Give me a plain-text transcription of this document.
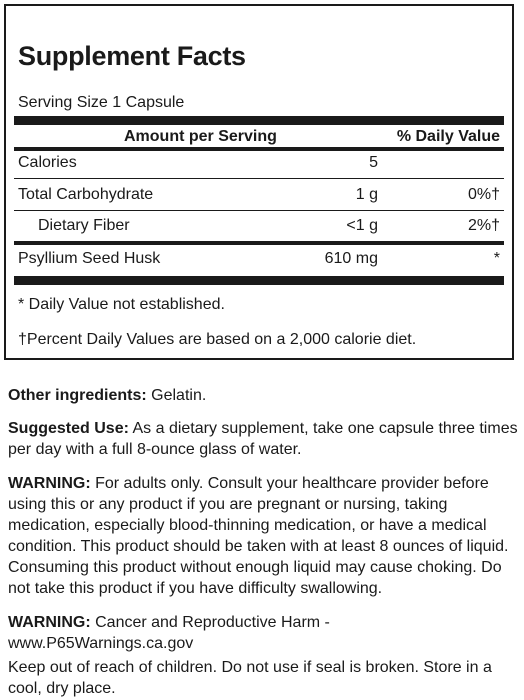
Supplement Facts
Serving Size 1 Capsule
Amount per Serving	% Daily Value
Calories	5
Total Carbohydrate	1 g	0%†
Dietary Fiber	<1 g	2%†
Psyllium Seed Husk	610 mg	*
* Daily Value not established.
†Percent Daily Values are based on a 2,000 calorie diet.
Other ingredients: Gelatin.
Suggested Use: As a dietary supplement, take one capsule three times per day with a full 8-ounce glass of water.
WARNING: For adults only. Consult your healthcare provider before using this or any product if you are pregnant or nursing, taking medication, especially blood-thinning medication, or have a medical condition. This product should be taken with at least 8 ounces of liquid. Consuming this product without enough liquid may cause choking. Do not take this product if you have difficulty swallowing.
WARNING: Cancer and Reproductive Harm - www.P65Warnings.ca.gov
Keep out of reach of children. Do not use if seal is broken. Store in a cool, dry place.
